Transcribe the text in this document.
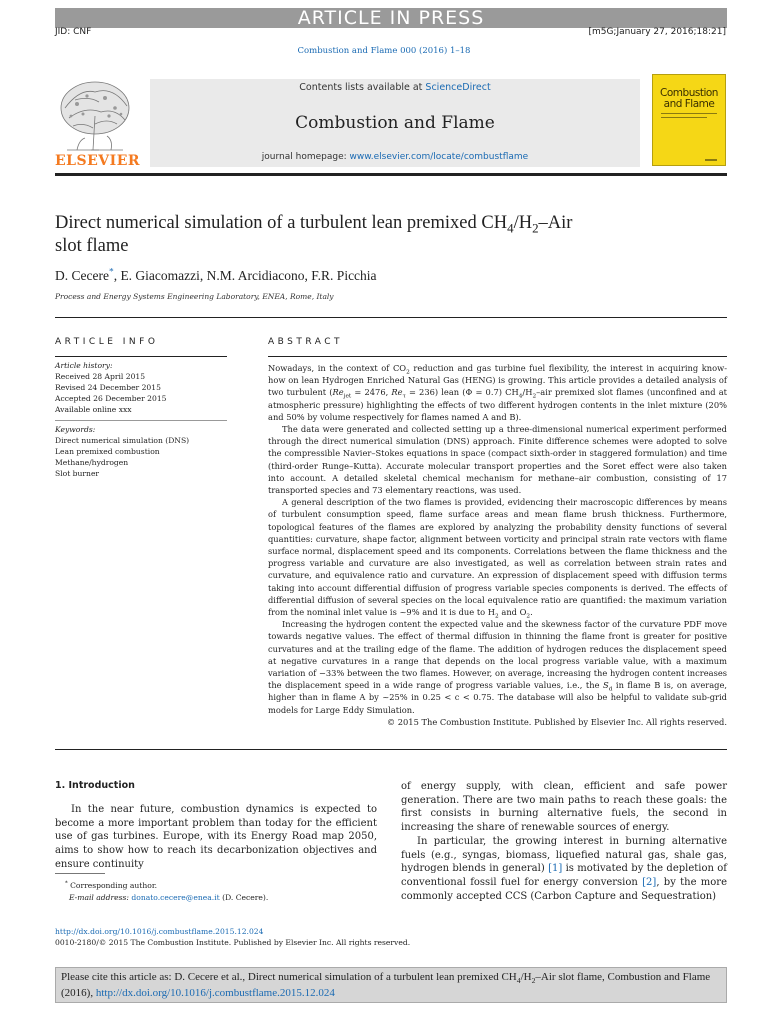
ARTICLE IN PRESS
JID: CNF	[m5G;January 27, 2016;18:21]
Combustion and Flame 000 (2016) 1–18
ELSEVIER
Contents lists available at ScienceDirect
Combustion and Flame
journal homepage: www.elsevier.com/locate/combustflame
Combustion and Flame
Direct numerical simulation of a turbulent lean premixed $CH_4/H_2$–Air
slot flame
D. Cecere*, E. Giacomazzi, N.M. Arcidiacono, F.R. Picchia
Process and Energy Systems Engineering Laboratory, ENEA, Rome, Italy
ARTICLE INFO
Article history:
Received 28 April 2015
Revised 24 December 2015
Accepted 26 December 2015
Available online xxx
Keywords:
Direct numerical simulation (DNS)
Lean premixed combustion
Methane/hydrogen
Slot burner
ABSTRACT

Nowadays, in the context of $CO_2$ reduction and gas turbine fuel flexibility, the interest in acquiring know-how on lean Hydrogen Enriched Natural Gas (HENG) is growing. This article provides a detailed analysis of two turbulent ($Re_{jet} = 2476$, $Re_\tau = 236$) lean (Φ = 0.7) $CH_4/H_2$–air premixed slot flames (unconfined and at atmospheric pressure) highlighting the effects of two different hydrogen contents in the inlet mixture (20% and 50% by volume respectively for flames named A and B).

The data were generated and collected setting up a three-dimensional numerical experiment performed through the direct numerical simulation (DNS) approach. Finite difference schemes were adopted to solve the compressible Navier–Stokes equations in space (compact sixth-order in staggered formulation) and time (third-order Runge–Kutta). Accurate molecular transport properties and the Soret effect were also taken into account. A detailed skeletal chemical mechanism for methane–air combustion, consisting of 17 transported species and 73 elementary reactions, was used.

A general description of the two flames is provided, evidencing their macroscopic differences by means of turbulent consumption speed, flame surface areas and mean flame brush thickness. Furthermore, topological features of the flames are explored by analyzing the probability density functions of several quantities: curvature, shape factor, alignment between vorticity and principal strain rate vectors with flame surface normal, displacement speed and its components. Correlations between the flame thickness and the progress variable and curvature are also investigated, as well as correlation between strain rates and curvature, and equivalence ratio and curvature. An expression of displacement speed with diffusion terms taking into account differential diffusion of progress variable species components is derived. The effects of differential diffusion of several species on the local equivalence ratio are quantified: the maximum variation from the nominal inlet value is ~9% and it is due to $H_2$ and $O_2$.

Increasing the hydrogen content the expected value and the skewness factor of the curvature PDF move towards negative values. The effect of thermal diffusion in thinning the flame front is greater for positive curvatures and at the trailing edge of the flame. The addition of hydrogen reduces the displacement speed at negative curvatures in a range that depends on the local progress variable value, with a maximum variation of −33% between the two flames. However, on average, increasing the hydrogen content increases the displacement speed in a wide range of progress variable values, i.e., the $S_d$ in flame B is, on average, higher than in flame A by ~25% in 0.25 < c < 0.75. The database will also be helpful to validate sub-grid models for Large Eddy Simulation.

© 2015 The Combustion Institute. Published by Elsevier Inc. All rights reserved.

1. Introduction

In the near future, combustion dynamics is expected to become a more important problem than today for the efficient use of gas turbines. Europe, with its Energy Road map 2050, aims to show how to reach its decarbonization objectives and ensure continuity

of energy supply, with clean, efficient and safe power generation. There are two main paths to reach these goals: the first consists in burning alternative fuels, the second in increasing the share of renewable sources of energy.

In particular, the growing interest in burning alternative fuels (e.g., syngas, biomass, liquefied natural gas, shale gas, hydrogen blends in general) [1] is motivated by the depletion of conventional fossil fuel for energy conversion [2], by the more commonly accepted CCS (Carbon Capture and Sequestration)

* Corresponding author.
E-mail address: donato.cecere@enea.it (D. Cecere).
http://dx.doi.org/10.1016/j.combustflame.2015.12.024
0010-2180/© 2015 The Combustion Institute. Published by Elsevier Inc. All rights reserved.
Please cite this article as: D. Cecere et al., Direct numerical simulation of a turbulent lean premixed $CH_4/H_2$–Air slot flame, Combustion and Flame (2016), http://dx.doi.org/10.1016/j.combustflame.2015.12.024
